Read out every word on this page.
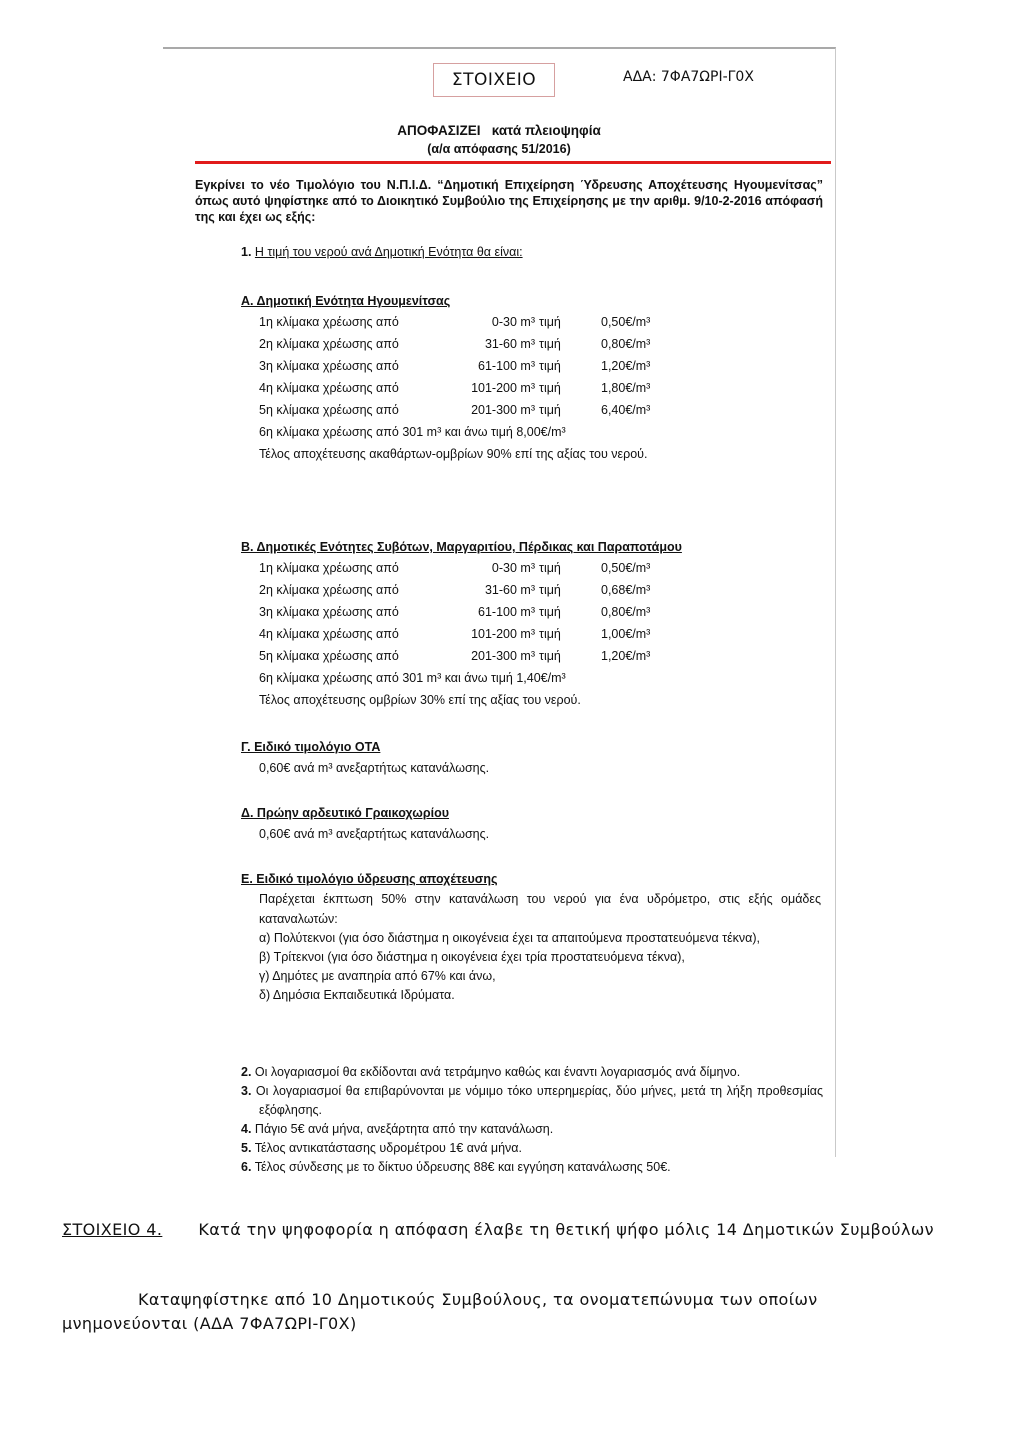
ΣΤΟΙΧΕΙΟ	ΑΔΑ: 7ΦΑ7ΩΡΙ-Γ0Χ
ΑΠΟΦΑΣΙΖΕΙ   κατά πλειοψηφία
(α/α απόφασης 51/2016)
Εγκρίνει το νέο Τιμολόγιο του Ν.Π.Ι.Δ. “Δημοτική Επιχείρηση Ύδρευσης Αποχέτευσης Ηγουμενίτσας” όπως αυτό ψηφίστηκε από το Διοικητικό Συμβούλιο της Επιχείρησης με την αριθμ. 9/10-2-2016 απόφασή της και έχει ως εξής:
1. Η τιμή του νερού ανά Δημοτική Ενότητα θα είναι:
Α. Δημοτική Ενότητα Ηγουμενίτσας
1η κλίμακα χρέωσης από	0-30 m³ τιμή	0,50€/m³
2η κλίμακα χρέωσης από	31-60 m³ τιμή	0,80€/m³
3η κλίμακα χρέωσης από	61-100 m³ τιμή	1,20€/m³
4η κλίμακα χρέωσης από	101-200 m³ τιμή	1,80€/m³
5η κλίμακα χρέωσης από	201-300 m³ τιμή	6,40€/m³
6η κλίμακα χρέωσης από 301 m³ και άνω τιμή 8,00€/m³
Τέλος αποχέτευσης ακαθάρτων-ομβρίων 90% επί της αξίας του νερού.
Β. Δημοτικές Ενότητες Συβότων, Μαργαριτίου, Πέρδικας και Παραποτάμου
1η κλίμακα χρέωσης από	0-30 m³ τιμή	0,50€/m³
2η κλίμακα χρέωσης από	31-60 m³ τιμή	0,68€/m³
3η κλίμακα χρέωσης από	61-100 m³ τιμή	0,80€/m³
4η κλίμακα χρέωσης από	101-200 m³ τιμή	1,00€/m³
5η κλίμακα χρέωσης από	201-300 m³ τιμή	1,20€/m³
6η κλίμακα χρέωσης από 301 m³ και άνω τιμή 1,40€/m³
Τέλος αποχέτευσης ομβρίων 30% επί της αξίας του νερού.
Γ. Ειδικό τιμολόγιο ΟΤΑ
0,60€ ανά m³ ανεξαρτήτως κατανάλωσης.
Δ. Πρώην αρδευτικό Γραικοχωρίου
0,60€ ανά m³ ανεξαρτήτως κατανάλωσης.
Ε. Ειδικό τιμολόγιο ύδρευσης αποχέτευσης
Παρέχεται έκπτωση 50% στην κατανάλωση του νερού για ένα υδρόμετρο, στις εξής ομάδες καταναλωτών:
α) Πολύτεκνοι (για όσο διάστημα η οικογένεια έχει τα απαιτούμενα προστατευόμενα τέκνα),
β) Τρίτεκνοι (για όσο διάστημα η οικογένεια έχει τρία προστατευόμενα τέκνα),
γ) Δημότες με αναπηρία από 67% και άνω,
δ) Δημόσια Εκπαιδευτικά Ιδρύματα.
2. Οι λογαριασμοί θα εκδίδονται ανά τετράμηνο καθώς και έναντι λογαριασμός ανά δίμηνο.
3. Οι λογαριασμοί θα επιβαρύνονται με νόμιμο τόκο υπερημερίας, δύο μήνες, μετά τη λήξη προθεσμίας εξόφλησης.
4. Πάγιο 5€ ανά μήνα, ανεξάρτητα από την κατανάλωση.
5. Τέλος αντικατάστασης υδρομέτρου 1€ ανά μήνα.
6. Τέλος σύνδεσης με το δίκτυο ύδρευσης 88€ και εγγύηση κατανάλωσης 50€.
ΣΤΟΙΧΕΙΟ 4. Κατά την ψηφοφορία η απόφαση έλαβε τη θετική ψήφο μόλις 14 Δημοτικών Συμβούλων
Καταψηφίστηκε από 10 Δημοτικούς Συμβούλους, τα ονοματεπώνυμα των οποίων μνημονεύονται (ΑΔΑ 7ΦΑ7ΩΡΙ-Γ0Χ)
